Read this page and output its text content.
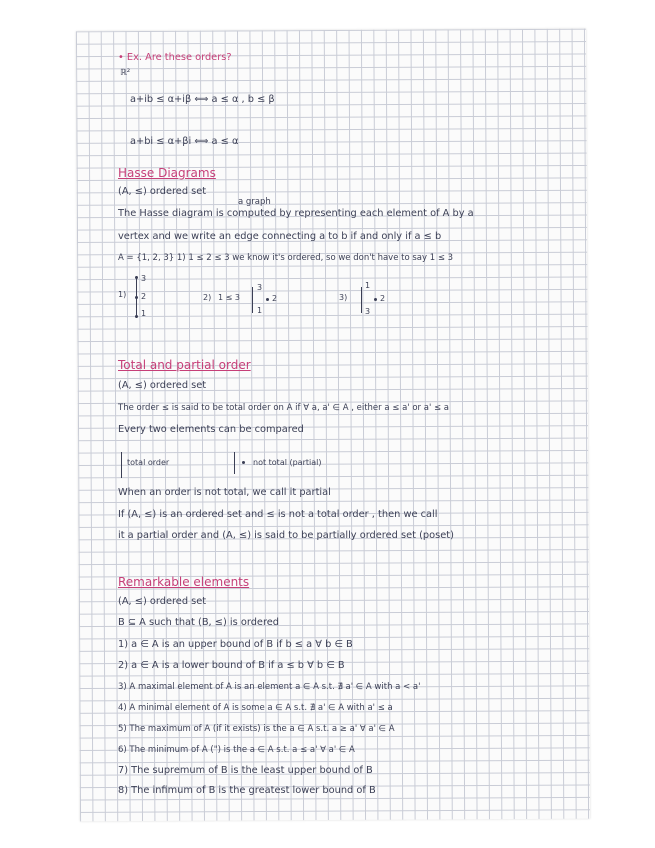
• Ex. Are these orders?
ℝ²
a+ib ≤ α+iβ ⟺ a ≤ α , b ≤ β
a+bi ≤ α+βi ⟺ a ≤ α
Hasse Diagrams
(A, ≤) ordered set
a graph
The Hasse diagram is computed by representing each element of A by a
vertex and we write an edge connecting a to b if and only if a ≤ b
A = {1, 2, 3} 1) 1 ≤ 2 ≤ 3 we know it's ordered, so we don't have to say 1 ≤ 3
1)
3
2
1
2) 1 ≤ 3
3
1
2	3)
1
3
2
Total and partial order
(A, ≤) ordered set
The order ≤ is said to be total order on A if ∀ a, a' ∈ A , either a ≤ a' or a' ≤ a
Every two elements can be compared
total order	not total (partial)
When an order is not total, we call it partial
If (A, ≤) is an ordered set and ≤ is not a total order , then we call
it a partial order and (A, ≤) is said to be partially ordered set (poset)
Remarkable elements
(A, ≤) ordered set
B ⊆ A such that (B, ≤) is ordered
1) a ∈ A is an upper bound of B if b ≤ a ∀ b ∈ B
2) a ∈ A is a lower bound of B if a ≤ b ∀ b ∈ B
3) A maximal element of A is an element a ∈ A s.t. ∄ a' ∈ A with a < a'
4) A minimal element of A is some a ∈ A s.t. ∄ a' ∈ A with a' ≤ a
5) The maximum of A (if it exists) is the a ∈ A s.t. a ≥ a' ∀ a' ∈ A
6) The minimum of A (") is the a ∈ A s.t. a ≤ a' ∀ a' ∈ A
7) The supremum of B is the least upper bound of B
8) The infimum of B is the greatest lower bound of B
